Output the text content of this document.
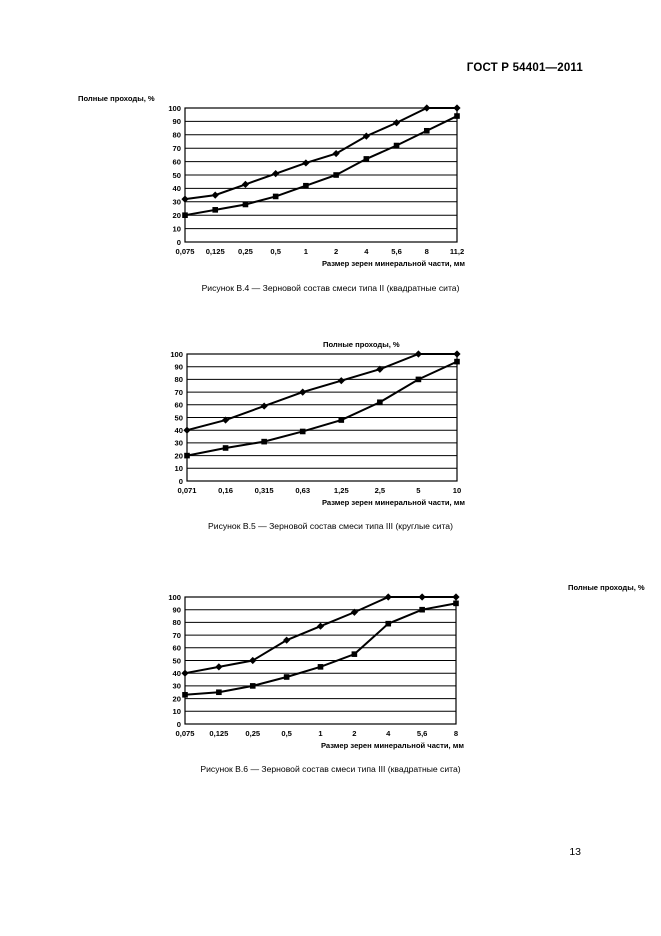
ГОСТ Р 54401—2011
0
10
20
30
40
50
60
70
80
90
100
0,075 0,125 0,25 0,5	1	2	4	5,6	8	11,2
Полные проходы, %
Размер зерен минеральной части, мм
Рисунок В.4 — Зерновой состав смеси типа II (квадратные сита)
0
10
20
30
40
50
60
70
80
90
100
0,071	0,16	0,315	0,63	1,25	2,5	5	10
Полные проходы, %
Размер зерен минеральной части, мм
Рисунок В.5 — Зерновой состав смеси типа III (круглые сита)
0
10
20
30
40
50
60
70
80
90
100
0,075 0,125 0,25	0,5	1	2	4	5,6	8
Полные проходы, %
Размер зерен минеральной части, мм
Рисунок В.6 — Зерновой состав смеси типа III (квадратные сита)
13
